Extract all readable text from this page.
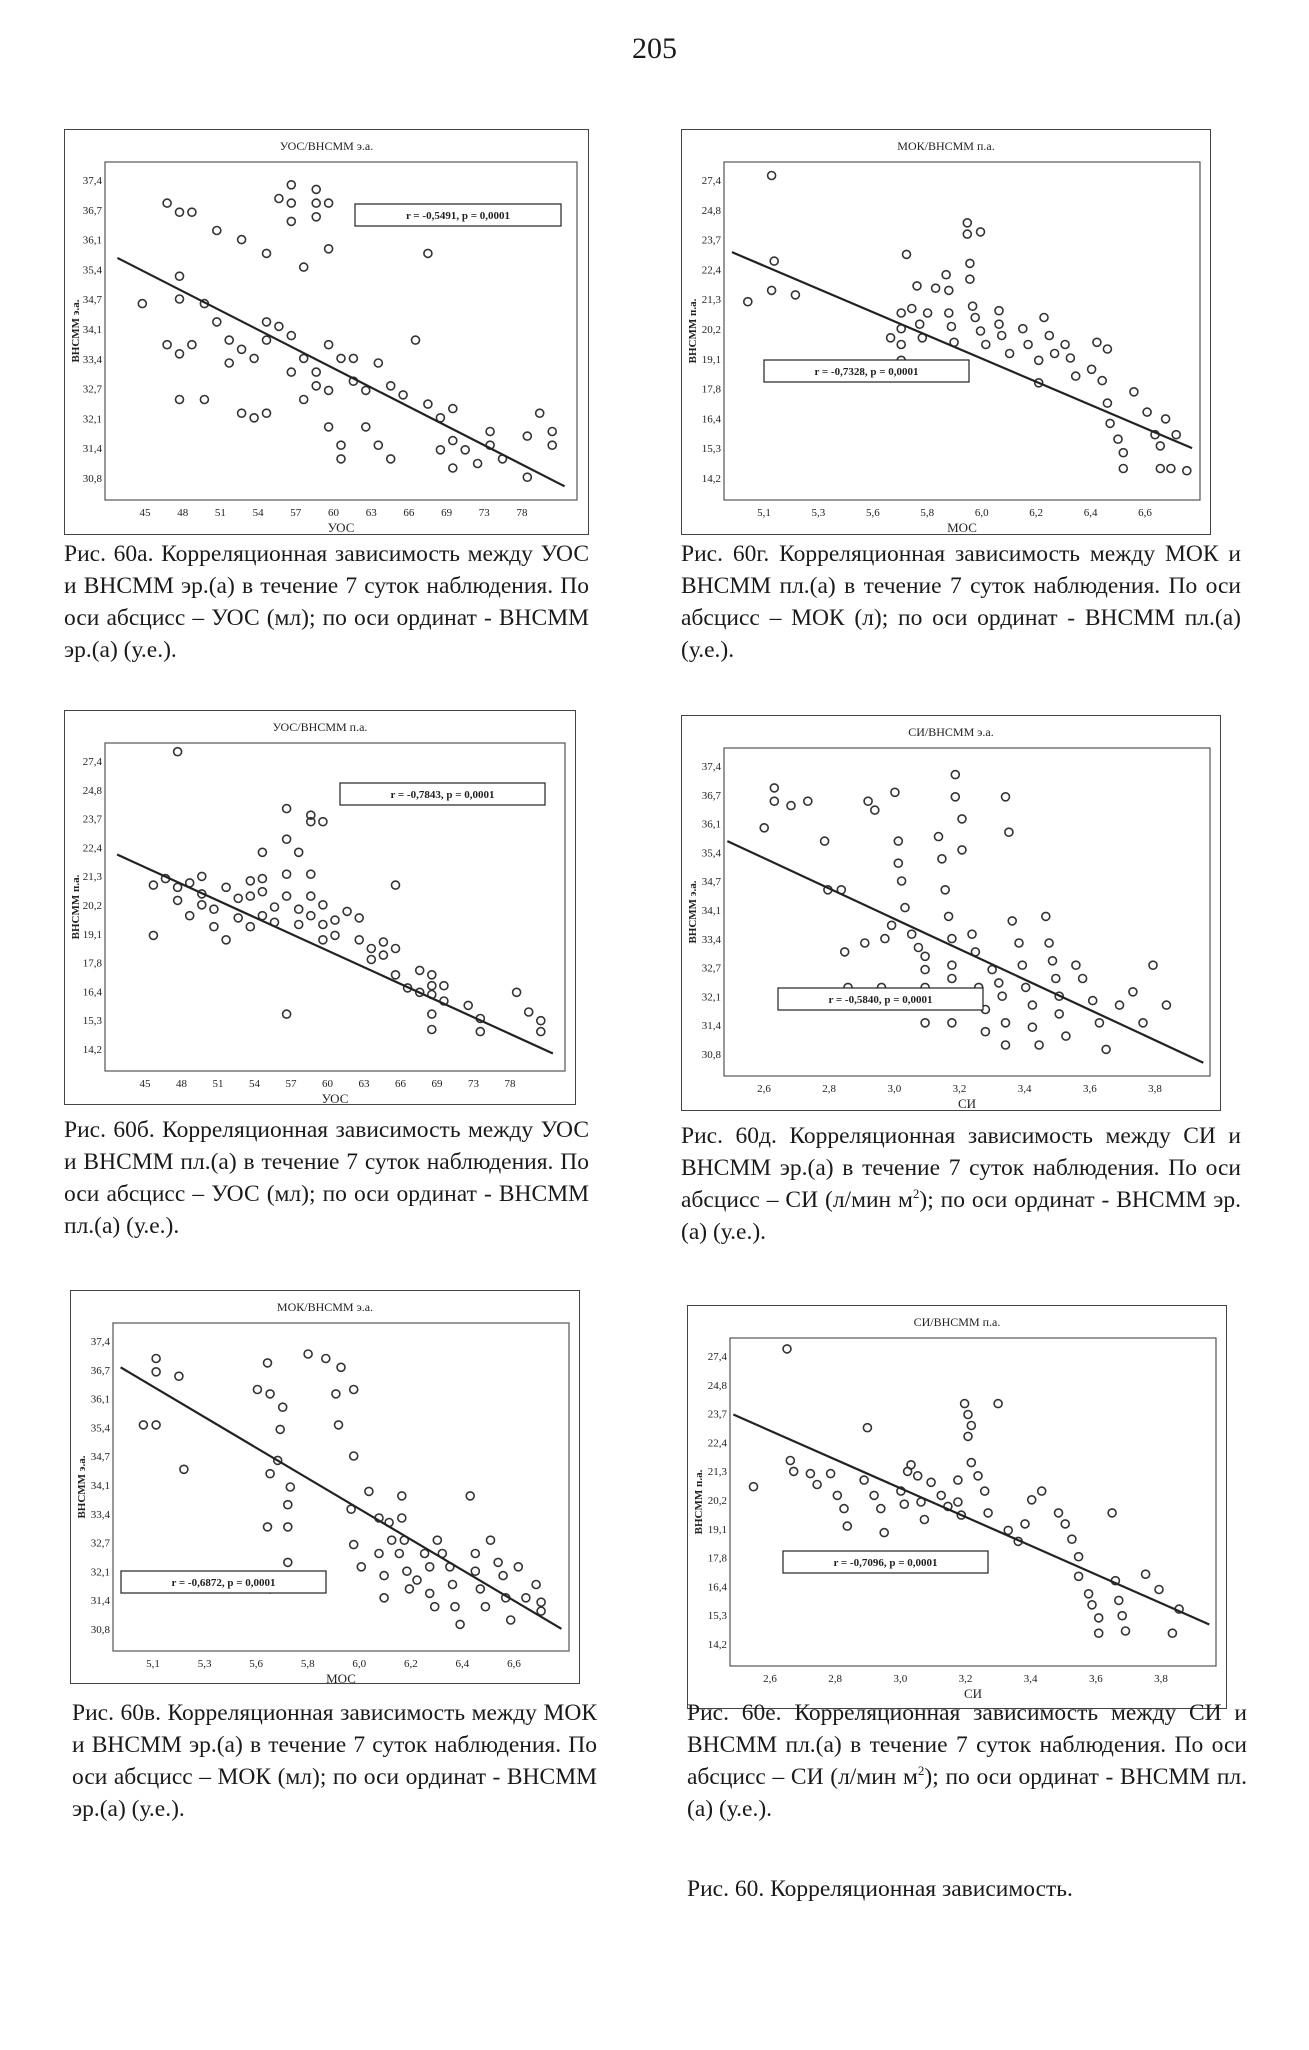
205
УОС/ВНСММ э.а.
ВНСММ э.а.
37,4
36,7
36,1
35,4
34,7
34,1
33,4
32,7
32,1
31,4
30,8
45 48 51 54 57 60 63 66 69 73 78
УОС
r = -0,5491, p = 0,0001
Рис. 60а. Корреляционная зависимость между УОС и ВНСММ эр.(а) в течение 7 суток наблюдения. По оси абсцисс – УОС (мл); по оси ординат - ВНСММ эр.(а) (у.е.).
УОС/ВНСММ п.а.
ВНСММ п.а.
27,4
24,8
23,7
22,4
21,3
20,2
19,1
17,8
16,4
15,3
14,2
45 48 51 54 57 60 63 66 69 73 78
УОС
r = -0,7843, p = 0,0001
Рис. 60б. Корреляционная зависимость между УОС и ВНСММ пл.(а) в течение 7 суток наблюдения. По оси абсцисс – УОС (мл); по оси ординат - ВНСММ пл.(а) (у.е.).
МОК/ВНСММ э.а.
ВНСММ э.а.
37,4
36,7
36,1
35,4
34,7
34,1
33,4
32,7
32,1
31,4
30,8
5,1	5,3	5,6	5,8	6,0	6,2	6,4	6,6
МОС
r = -0,6872, p = 0,0001
Рис. 60в. Корреляционная зависимость между МОК и ВНСММ эр.(а) в течение 7 суток наблюдения. По оси абсцисс – МОК (мл); по оси ординат - ВНСММ эр.(а) (у.е.).
МОК/ВНСММ п.а.
ВНСММ п.а.
27,4
24,8
23,7
22,4
21,3
20,2
19,1
17,8
16,4
15,3
14,2
5,1	5,3	5,6	5,8	6,0	6,2	6,4	6,6
МОС
r = -0,7328, p = 0,0001
Рис. 60г. Корреляционная зависимость между МОК и ВНСММ пл.(а) в течение 7 суток наблюдения. По оси абсцисс – МОК (л); по оси ординат - ВНСММ пл.(а) (у.е.).
СИ/ВНСММ э.а.
ВНСММ э.а.
37,4
36,7
36,1
35,4
34,7
34,1
33,4
32,7
32,1
31,4
30,8
2,6	2,8	3,0	3,2	3,4	3,6	3,8
СИ
r = -0,5840, p = 0,0001
Рис. 60д. Корреляционная зависимость между СИ и ВНСММ эр.(а) в течение 7 суток наблюдения. По оси абсцисс – СИ (л/мин $м^2$); по оси ординат - ВНСММ эр.(а) (у.е.).
СИ/ВНСММ п.а.
ВНСММ п.а.
27,4
24,8
23,7
22,4
21,3
20,2
19,1
17,8
16,4
15,3
14,2
2,6	2,8	3,0	3,2	3,4	3,6	3,8
СИ
r = -0,7096, p = 0,0001
Рис. 60е. Корреляционная зависимость между СИ и ВНСММ пл.(а) в течение 7 суток наблюдения. По оси абсцисс – СИ (л/мин $м^2$); по оси ординат - ВНСММ пл.(а) (у.е.).
Рис. 60. Корреляционная зависимость.
